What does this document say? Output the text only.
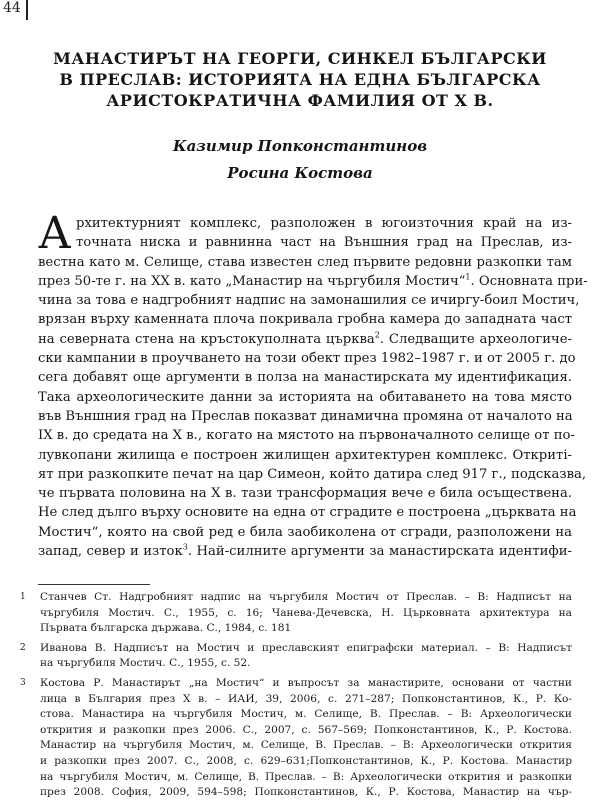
44
МАНАСТИРЪТ НА ГЕОРГИ, СИНКЕЛ БЪЛГАРСКИ
В ПРЕСЛАВ: ИСТОРИЯТА НА ЕДНА БЪЛГАРСКА
АРИСТОКРАТИЧНА ФАМИЛИЯ ОТ Х В.
Казимир Попконстантинов
Росина Костова
А рхитектурният комплекс, разположен в югоизточния край на из-
точната ниска и равнинна част на Външния град на Преслав, из-
вестна като м. Селище, става известен след първите редовни разкопки там
през 50-те г. на ХХ в. като „Манастир на чъргубиля Мостич“$^1$. Основната при-
чина за това е надгробният надпис на замонашилия се ичиргу-боил Мостич,
врязан върху каменната плоча покривала гробна камера до западната част
на северната стена на кръстокуполната църква$^2$. Следващите археологиче-
ски кампании в проучването на този обект през 1982–1987 г. и от 2005 г. до
сега добавят още аргументи в полза на манастирската му идентификация.
Така археологическите данни за историята на обитаването на това място
във Външния град на Преслав показват динамична промяна от началото на
IХ в. до средата на Х в., когато на мястото на първоначалното селище от по-
лувкопани жилища е построен жилищен архитектурен комплекс. Откриті-
ят при разкопките печат на цар Симеон, който датира след 917 г., подсказва,
че първата половина на Х в. тази трансформация вече е била осъществена.
Не след дълго върху основите на една от сградите е построена „църквата на
Мостич“, която на свой ред е била заобиколена от сгради, разположени на
запад, север и изток$^3$. Най-силните аргументи за манастирската идентифи-
1	Станчев Ст. Надгробният надпис на чъргубиля Мостич от Преслав. – В: Надписът на
чъргубиля Мостич. С., 1955, с. 16; Чанева-Дечевска, Н. Църковната архитектура на
Първата българска държава. С., 1984, с. 181
2	Иванова В. Надписът на Мостич и преславският епиграфски материал. – В: Надписът
на чъргубиля Мостич. С., 1955, с. 52.
3	Костова Р. Манастирът „на Мостич“ и въпросът за манастирите, основани от частни
лица в България през Х в. – ИАИ, 39, 2006, с. 271–287; Попконстантинов, К., Р. Ко-
стова. Манастира на чъргубиля Мостич, м. Селище, В. Преслав. – В: Археологически
открития и разкопки през 2006. С., 2007, с. 567–569; Попконстантинов, К., Р. Костова.
Манастир на чъргубиля Мостич, м. Селище, В. Преслав. – В: Археологически открития
и разкопки през 2007. С., 2008, с. 629–631;Попконстантинов, К., Р. Костова. Манастир
на чъргубиля Мостич, м. Селище, В. Преслав. – В: Археологически открития и разкопки
през 2008. София, 2009, 594–598; Попконстантинов, К., Р. Костова, Манастир на чър-
